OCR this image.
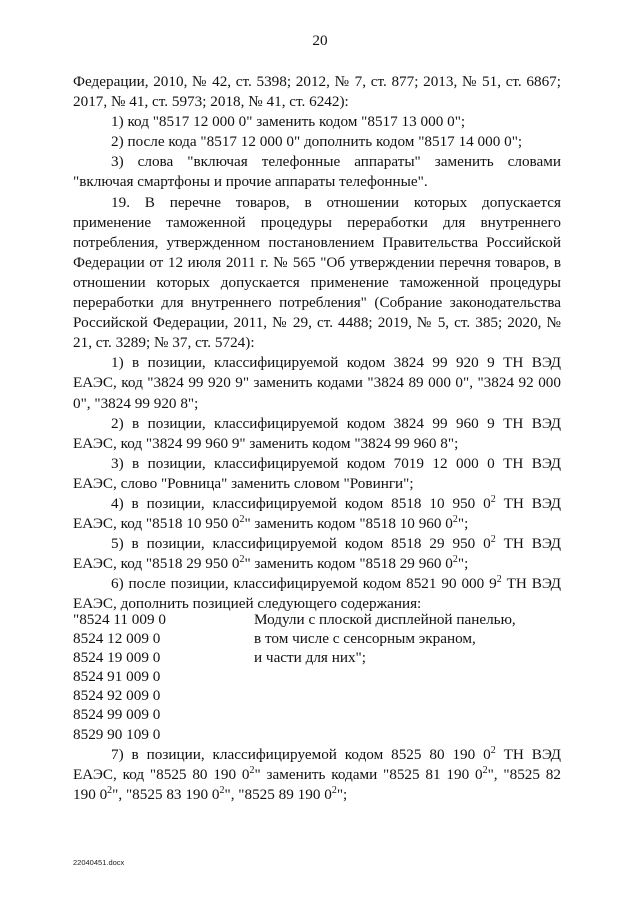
20

Федерации, 2010, № 42, ст. 5398; 2012, № 7, ст. 877; 2013, № 51, ст. 6867; 2017, № 41, ст. 5973; 2018, № 41, ст. 6242):

1) код "8517 12 000 0" заменить кодом "8517 13 000 0";

2) после кода "8517 12 000 0" дополнить кодом "8517 14 000 0";

3) слова "включая телефонные аппараты" заменить словами "включая смартфоны и прочие аппараты телефонные".

19. В перечне товаров, в отношении которых допускается применение таможенной процедуры переработки для внутреннего потребления, утвержденном постановлением Правительства Российской Федерации от 12 июля 2011 г. № 565 "Об утверждении перечня товаров, в отношении которых допускается применение таможенной процедуры переработки для внутреннего потребления" (Собрание законодательства Российской Федерации, 2011, № 29, ст. 4488; 2019, № 5, ст. 385; 2020, № 21, ст. 3289; № 37, ст. 5724):

1) в позиции, классифицируемой кодом 3824 99 920 9 ТН ВЭД ЕАЭС, код "3824 99 920 9" заменить кодами "3824 89 000 0", "3824 92 000 0", "3824 99 920 8";

2) в позиции, классифицируемой кодом 3824 99 960 9 ТН ВЭД ЕАЭС, код "3824 99 960 9" заменить кодом "3824 99 960 8";

3) в позиции, классифицируемой кодом 7019 12 000 0 ТН ВЭД ЕАЭС, слово "Ровница" заменить словом "Ровинги";

4) в позиции, классифицируемой кодом 8518 10 950 $0^2$ ТН ВЭД ЕАЭС, код "8518 10 950 $0^2$" заменить кодом "8518 10 960 $0^2$";

5) в позиции, классифицируемой кодом 8518 29 950 $0^2$ ТН ВЭД ЕАЭС, код "8518 29 950 $0^2$" заменить кодом "8518 29 960 $0^2$";

6) после позиции, классифицируемой кодом 8521 90 000 $9^2$ ТН ВЭД ЕАЭС, дополнить позицией следующего содержания:

"8524 11 009 0
8524 12 009 0
8524 19 009 0
8524 91 009 0
8524 92 009 0
8524 99 009 0
8529 90 109 0
Модули с плоской дисплейной панелью,
в том числе с сенсорным экраном,
и части для них";

7) в позиции, классифицируемой кодом 8525 80 190 $0^2$ ТН ВЭД ЕАЭС, код "8525 80 190 $0^2$" заменить кодами "8525 81 190 $0^2$", "8525 82 190 $0^2$", "8525 83 190 $0^2$", "8525 89 190 $0^2$";

22040451.docx
